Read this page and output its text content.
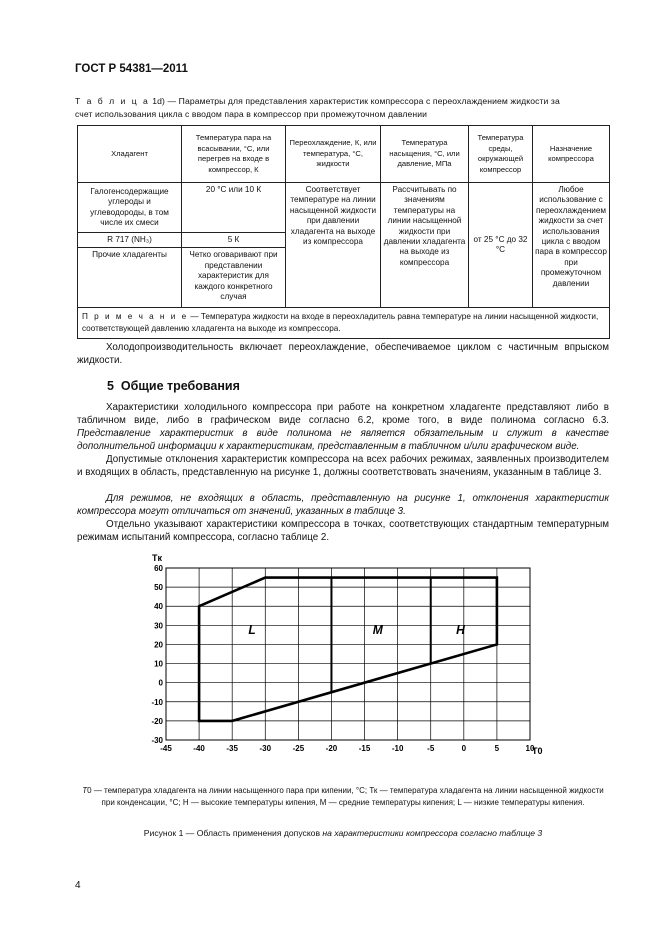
ГОСТ Р 54381—2011
Т а б л и ц а 1d) — Параметры для представления характеристик компрессора с переохлаждением жидкости за
счет использования цикла с вводом пара в компрессор при промежуточном давлении
Хладагент	Температура пара на всасывании, °С, или перегрев на входе в компрессор, К	Переохлаждение, К, или температура, °С, жидкости	Температура насыщения, °С, или давление, МПа	Температура среды, окружающей компрессор	Назначение компрессора
Галогенсодержащие углероды и углеводороды, в том числе их смеси	20 °С или 10 К	Соответствует температуре на линии насыщенной жидкости при давлении хладагента на выходе из компрессора	Рассчитывать по значениям температуры на линии насыщенной жидкости при давлении хладагента на выходе из компрессора	от 25 °С до 32 °С	Любое использование с переохлаждением жидкости за счет использования цикла с вводом пара в компрессор при промежуточном давлении
R 717 (NH₃)	5 К				
Прочие хладагенты	Четко оговаривают при представлении характеристик для каждого конкретного случая				
П р и м е ч а н и е — Температура жидкости на входе в переохладитель равна температуре на линии насыщенной жидкости, соответствующей давлению хладагента на выходе из компрессора.					

Холодопроизводительность включает переохлаждение, обеспечиваемое циклом с частичным впрыском жидкости.

5 Общие требования

Характеристики холодильного компрессора при работе на конкретном хладагенте представляют либо в табличном виде, либо в графическом виде согласно 6.2, кроме того, в виде полинома согласно 6.3. Представление характеристик в виде полинома не является обязательным и служит в качестве дополнительной информации к характеристикам, представленным в табличном и/или графическом виде.

Допустимые отклонения характеристик компрессора на всех рабочих режимах, заявленных производителем и входящих в область, представленную на рисунке 1, должны соответствовать значениям, указанным в таблице 3.

Для режимов, не входящих в область, представленную на рисунке 1, отклонения характеристик компрессора могут отличаться от значений, указанных в таблице 3.

Отдельно указывают характеристики компрессора в точках, соответствующих стандартным температурным режимам испытаний компрессора, согласно таблице 2.

-45	-40	-35	-30	-25	-20	-15	-10	-5	0	5	10
-30
-20
-10
0
10
20
30
40
50
60
L	M	H
Tк
T0
Т0 — температура хладагента на линии насыщенного пара при кипении, °С; Тк — температура хладагента на линии насыщенной жидкости при конденсации, °С; H — высокие температуры кипения, M — средние температуры кипения; L — низкие температуры кипения.
Рисунок 1 — Область применения допусков на характеристики компрессора согласно таблице 3
4
